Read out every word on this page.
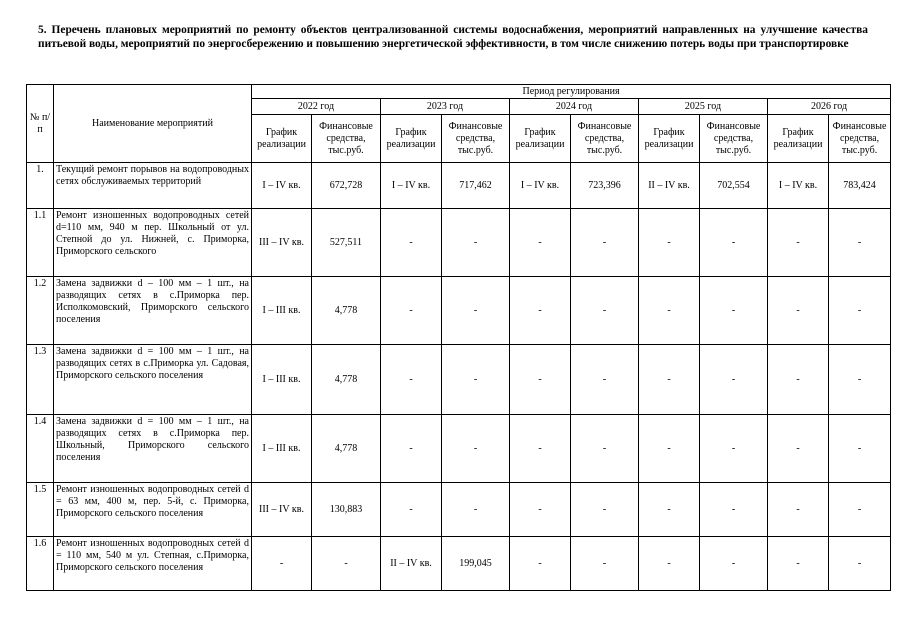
5. Перечень плановых мероприятий по ремонту объектов централизованной системы водоснабжения, мероприятий направленных на улучшение качества питьевой воды, мероприятий по энергосбережению и повышению энергетической эффективности, в том числе снижению потерь воды при транспортировке
№ п/п	Наименование мероприятий	Период регулирования									
		2022 год		2023 год		2024 год		2025 год		2026 год	
		График реализации	Финансовые средства, тыс.руб.	График реализации	Финансовые средства, тыс.руб.	График реализации	Финансовые средства, тыс.руб.	График реализации	Финансовые средства, тыс.руб.	График реализации	Финансовые средства, тыс.руб.
1.	Текущий ремонт порывов на водопроводных сетях обслуживаемых территорий	I – IV кв.	672,728	I – IV кв.	717,462	I – IV кв.	723,396	II – IV кв.	702,554	I – IV кв.	783,424
1.1	Ремонт изношенных водопроводных сетей d=110 мм, 940 м пер. Школьный от ул. Степной до ул. Нижней, с. Приморка, Приморского сельского	III – IV кв.	527,511	-	-	-	-	-	-	-	-
1.2	Замена задвижки d – 100 мм – 1 шт., на разводящих сетях в с.Приморка пер. Исполкомовский, Приморского сельского поселения	I – III кв.	4,778	-	-	-	-	-	-	-	-
1.3	Замена задвижки d = 100 мм – 1 шт., на разводящих сетях в с.Приморка ул. Садовая, Приморского сельского поселения	I – III кв.	4,778	-	-	-	-	-	-	-	-
1.4	Замена задвижки d = 100 мм – 1 шт., на разводящих сетях в с.Приморка пер. Школьный, Приморского сельского поселения	I – III кв.	4,778	-	-	-	-	-	-	-	-
1.5	Ремонт изношенных водопроводных сетей d = 63 мм, 400 м, пер. 5-й, с. Приморка, Приморского сельского поселения	III – IV кв.	130,883	-	-	-	-	-	-	-	-
1.6	Ремонт изношенных водопроводных сетей d = 110 мм, 540 м ул. Степная, с.Приморка, Приморского сельского поселения	-	-	II – IV кв.	199,045	-	-	-	-	-	-
